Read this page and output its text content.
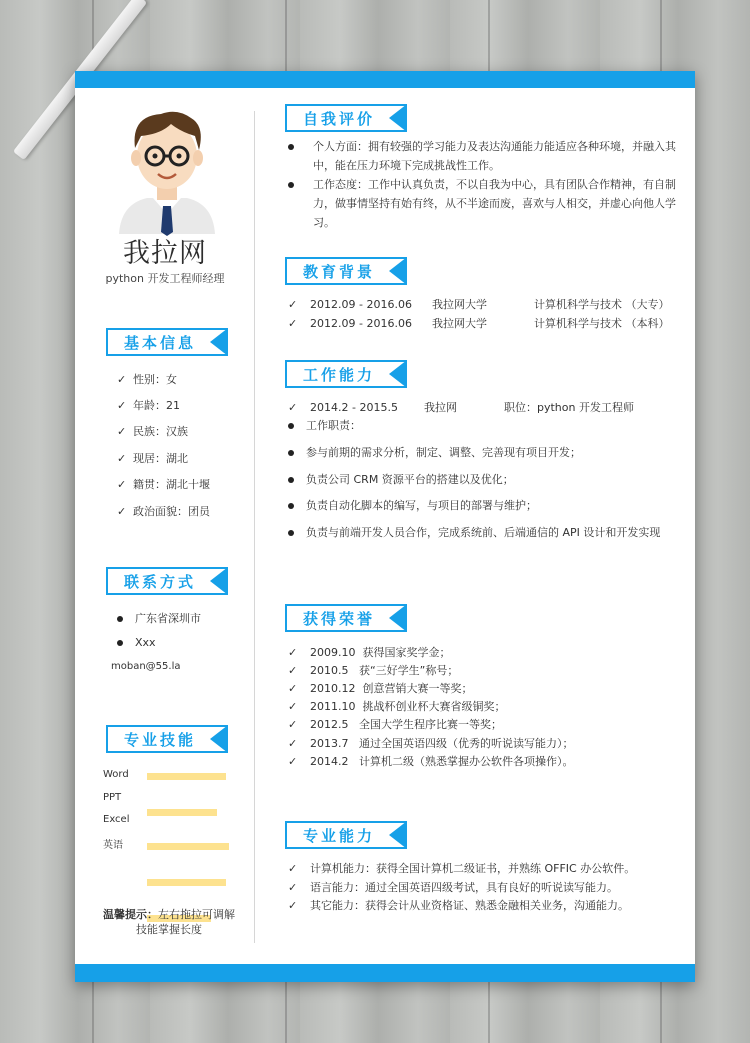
我拉网
python 开发工程师经理
基本信息
✓ 性别：女
✓ 年龄：21
✓ 民族：汉族
✓ 现居：湖北
✓ 籍贯：湖北十堰
✓ 政治面貌：团员
联系方式
广东省深圳市
Xxx
moban@55.la
专业技能
Word
PPT
Excel
英语
温馨提示：左右拖拉可调解技能掌握长度
自我评价
个人方面：拥有较强的学习能力及表达沟通能力能适应各种环境，并融入其中，能在压力环境下完成挑战性工作。
工作态度：工作中认真负责，不以自我为中心，具有团队合作精神，有自制力，做事情坚持有始有终，从不半途而废，喜欢与人相交，并虚心向他人学习。
教育背景
✓ 2012.09 - 2016.06 我拉网大学	计算机科学与技术 （大专）
✓ 2012.09 - 2016.06 我拉网大学	计算机科学与技术 （本科）
工作能力
✓ 2014.2 - 2015.5 我拉网	职位：python 开发工程师
工作职责：
参与前期的需求分析，制定、调整、完善现有项目开发；
负责公司 CRM 资源平台的搭建以及优化；
负责自动化脚本的编写，与项目的部署与维护；
负责与前端开发人员合作，完成系统前、后端通信的 API 设计和开发实现
获得荣誉
✓ 2009.10  获得国家奖学金；
✓ 2010.5   获“三好学生”称号；
✓ 2010.12  创意营销大赛一等奖；
✓ 2011.10  挑战杯创业杯大赛省级铜奖；
✓ 2012.5   全国大学生程序比赛一等奖；
✓ 2013.7   通过全国英语四级（优秀的听说读写能力）；
✓ 2014.2   计算机二级（熟悉掌握办公软件各项操作）。
专业能力
✓ 计算机能力：获得全国计算机二级证书，并熟练 OFFIC 办公软件。
✓ 语言能力：通过全国英语四级考试，具有良好的听说读写能力。
✓ 其它能力：获得会计从业资格证、熟悉金融相关业务，沟通能力。
